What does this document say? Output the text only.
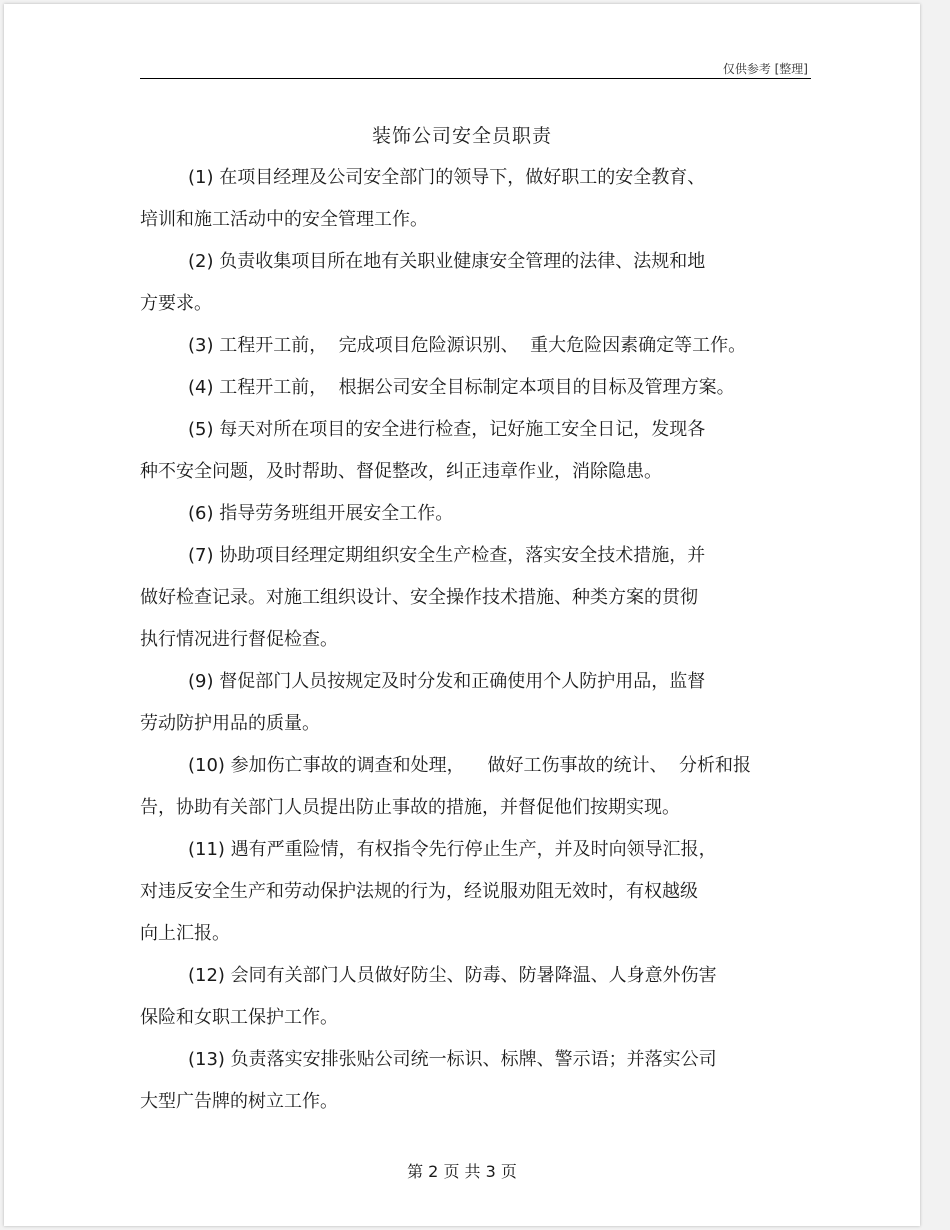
仅供参考 [整理]
装饰公司安全员职责
(1) 在项目经理及公司安全部门的领导下，做好职工的安全教育、
培训和施工活动中的安全管理工作。
(2) 负责收集项目所在地有关职业健康安全管理的法律、法规和地
方要求。
(3) 工程开工前，  完成项目危险源识别、  重大危险因素确定等工作。
(4) 工程开工前，  根据公司安全目标制定本项目的目标及管理方案。
(5) 每天对所在项目的安全进行检查，记好施工安全日记，发现各
种不安全问题，及时帮助、督促整改，纠正违章作业，消除隐患。
(6) 指导劳务班组开展安全工作。
(7) 协助项目经理定期组织安全生产检查，落实安全技术措施，并
做好检查记录。对施工组织设计、安全操作技术措施、种类方案的贯彻
执行情况进行督促检查。
(9) 督促部门人员按规定及时分发和正确使用个人防护用品，监督
劳动防护用品的质量。
(10) 参加伤亡事故的调查和处理，    做好工伤事故的统计、  分析和报
告，协助有关部门人员提出防止事故的措施，并督促他们按期实现。
(11) 遇有严重险情，有权指令先行停止生产，并及时向领导汇报，
对违反安全生产和劳动保护法规的行为，经说服劝阻无效时，有权越级
向上汇报。
(12) 会同有关部门人员做好防尘、防毒、防暑降温、人身意外伤害
保险和女职工保护工作。
(13) 负责落实安排张贴公司统一标识、标牌、警示语；并落实公司
大型广告牌的树立工作。
第 2 页 共 3 页
